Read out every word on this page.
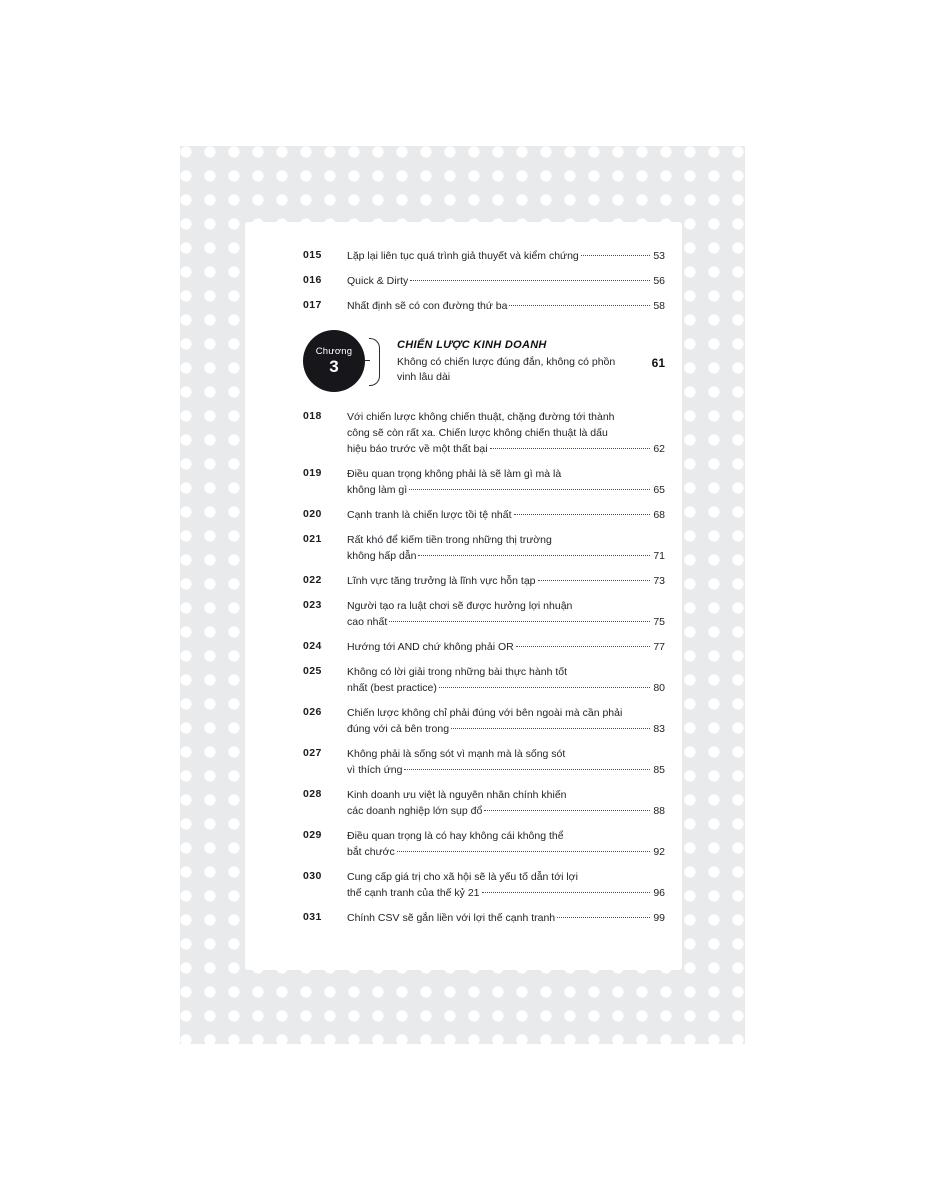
015	Lặp lại liên tục quá trình giả thuyết và kiểm chứng	53
016	Quick & Dirty	56
017	Nhất định sẽ có con đường thứ ba	58
Chương
3
CHIẾN LƯỢC KINH DOANH
Không có chiến lược đúng đắn, không có phồn vinh lâu dài
61
018	Với chiến lược không chiến thuật, chặng đường tới thành
công sẽ còn rất xa. Chiến lược không chiến thuật là dấu
hiệu báo trước về một thất bại	62
019	Điều quan trọng không phải là sẽ làm gì mà là
không làm gì	65
020	Cạnh tranh là chiến lược tồi tệ nhất	68
021	Rất khó để kiếm tiền trong những thị trường
không hấp dẫn	71
022	Lĩnh vực tăng trưởng là lĩnh vực hỗn tạp	73
023	Người tạo ra luật chơi sẽ được hưởng lợi nhuận
cao nhất	75
024	Hướng tới AND chứ không phải OR	77
025	Không có lời giải trong những bài thực hành tốt
nhất (best practice)	80
026	Chiến lược không chỉ phải đúng với bên ngoài mà cần phải
đúng với cả bên trong	83
027	Không phải là sống sót vì mạnh mà là sống sót
vì thích ứng	85
028	Kinh doanh ưu việt là nguyên nhân chính khiến
các doanh nghiệp lớn sụp đổ	88
029	Điều quan trọng là có hay không cái không thể
bắt chước	92
030	Cung cấp giá trị cho xã hội sẽ là yếu tố dẫn tới lợi
thế cạnh tranh của thế kỷ 21	96
031	Chính CSV sẽ gắn liền với lợi thế cạnh tranh	99
